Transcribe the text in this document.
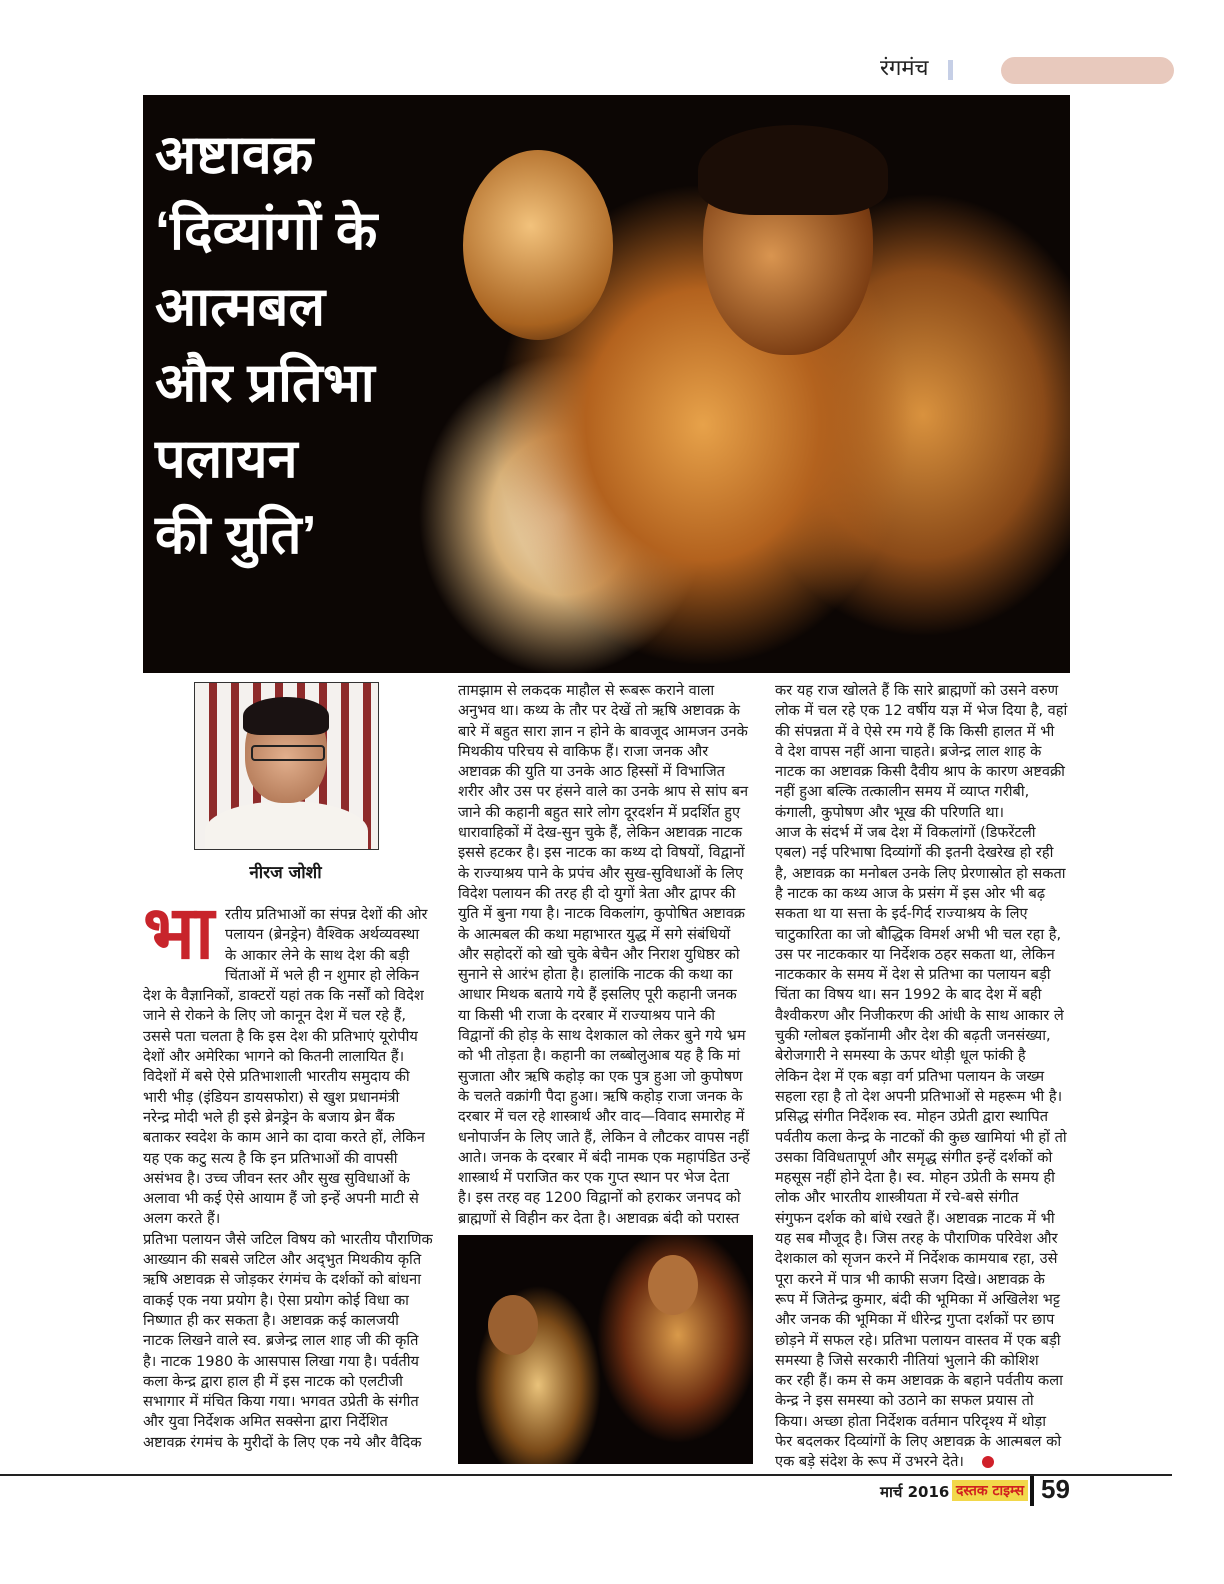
रंगमंच
अष्टावक्र
‘दिव्यांगों के
आत्मबल
और प्रतिभा
पलायन
की युति’
नीरज जोशी
भा रतीय प्रतिभाओं का संपन्न देशों की ओर
पलायन (ब्रेनड्रेन) वैश्विक अर्थव्यवस्था
के आकार लेने के साथ देश की बड़ी
चिंताओं में भले ही न शुमार हो लेकिन
देश के वैज्ञानिकों, डाक्टरों यहां तक कि नर्सों को विदेश
जाने से रोकने के लिए जो कानून देश में चल रहे हैं,
उससे पता चलता है कि इस देश की प्रतिभाएं यूरोपीय
देशों और अमेरिका भागने को कितनी लालायित हैं।
विदेशों में बसे ऐसे प्रतिभाशाली भारतीय समुदाय की
भारी भीड़ (इंडियन डायसफोरा) से खुश प्रधानमंत्री
नरेन्द्र मोदी भले ही इसे ब्रेनड्रेन के बजाय ब्रेन बैंक
बताकर स्वदेश के काम आने का दावा करते हों, लेकिन
यह एक कटु सत्य है कि इन प्रतिभाओं की वापसी
असंभव है। उच्च जीवन स्तर और सुख सुविधाओं के
अलावा भी कई ऐसे आयाम हैं जो इन्हें अपनी माटी से
अलग करते हैं।
प्रतिभा पलायन जैसे जटिल विषय को भारतीय पौराणिक
आख्यान की सबसे जटिल और अद्‌भुत मिथकीय कृति
ऋषि अष्टावक्र से जोड़कर रंगमंच के दर्शकों को बांधना
वाकई एक नया प्रयोग है। ऐसा प्रयोग कोई विधा का
निष्णात ही कर सकता है। अष्टावक्र कई कालजयी
नाटक लिखने वाले स्व. ब्रजेन्द्र लाल शाह जी की कृति
है। नाटक 1980 के आसपास लिखा गया है। पर्वतीय
कला केन्द्र द्वारा हाल ही में इस नाटक को एलटीजी
सभागार में मंचित किया गया। भगवत उप्रेती के संगीत
और युवा निर्देशक अमित सक्सेना द्वारा निर्देशित
अष्टावक्र रंगमंच के मुरीदों के लिए एक नये और वैदिक
तामझाम से लकदक माहौल से रूबरू कराने वाला
अनुभव था। कथ्य के तौर पर देखें तो ऋषि अष्टावक्र के
बारे में बहुत सारा ज्ञान न होने के बावजूद आमजन उनके
मिथकीय परिचय से वाकिफ हैं। राजा जनक और
अष्टावक्र की युति या उनके आठ हिस्सों में विभाजित
शरीर और उस पर हंसने वाले का उनके श्राप से सांप बन
जाने की कहानी बहुत सारे लोग दूरदर्शन में प्रदर्शित हुए
धारावाहिकों में देख-सुन चुके हैं, लेकिन अष्टावक्र नाटक
इससे हटकर है। इस नाटक का कथ्य दो विषयों, विद्वानों
के राज्याश्रय पाने के प्रपंच और सुख-सुविधाओं के लिए
विदेश पलायन की तरह ही दो युगों त्रेता और द्वापर की
युति में बुना गया है। नाटक विकलांग, कुपोषित अष्टावक्र
के आत्मबल की कथा महाभारत युद्ध में सगे संबंधियों
और सहोदरों को खो चुके बेचैन और निराश युधिष्ठर को
सुनाने से आरंभ होता है। हालांकि नाटक की कथा का
आधार मिथक बताये गये हैं इसलिए पूरी कहानी जनक
या किसी भी राजा के दरबार में राज्याश्रय पाने की
विद्वानों की होड़ के साथ देशकाल को लेकर बुने गये भ्रम
को भी तोड़ता है। कहानी का लब्बोलुआब यह है कि मां
सुजाता और ऋषि कहोड़ का एक पुत्र हुआ जो कुपोषण
के चलते वक्रांगी पैदा हुआ। ऋषि कहोड़ राजा जनक के
दरबार में चल रहे शास्त्रार्थ और वाद—विवाद समारोह में
धनोपार्जन के लिए जाते हैं, लेकिन वे लौटकर वापस नहीं
आते। जनक के दरबार में बंदी नामक एक महापंडित उन्हें
शास्त्रार्थ में पराजित कर एक गुप्त स्थान पर भेज देता
है। इस तरह वह 1200 विद्वानों को हराकर जनपद को
ब्राह्मणों से विहीन कर देता है। अष्टावक्र बंदी को परास्त
कर यह राज खोलते हैं कि सारे ब्राह्मणों को उसने वरुण
लोक में चल रहे एक 12 वर्षीय यज्ञ में भेज दिया है, वहां
की संपन्नता में वे ऐसे रम गये हैं कि किसी हालत में भी
वे देश वापस नहीं आना चाहते। ब्रजेन्द्र लाल शाह के
नाटक का अष्टावक्र किसी दैवीय श्राप के कारण अष्टवक्री
नहीं हुआ बल्कि तत्कालीन समय में व्याप्त गरीबी,
कंगाली, कुपोषण और भूख की परिणति था।
आज के संदर्भ में जब देश में विकलांगों (डिफरेंटली
एबल) नई परिभाषा दिव्यांगों की इतनी देखरेख हो रही
है, अष्टावक्र का मनोबल उनके लिए प्रेरणास्रोत हो सकता
है नाटक का कथ्य आज के प्रसंग में इस ओर भी बढ़
सकता था या सत्ता के इर्द-गिर्द राज्याश्रय के लिए
चाटुकारिता का जो बौद्धिक विमर्श अभी भी चल रहा है,
उस पर नाटककार या निर्देशक ठहर सकता था, लेकिन
नाटककार के समय में देश से प्रतिभा का पलायन बड़ी
चिंता का विषय था। सन 1992 के बाद देश में बही
वैश्वीकरण और निजीकरण की आंधी के साथ आकार ले
चुकी ग्लोबल इकॉनामी और देश की बढ़ती जनसंख्या,
बेरोजगारी ने समस्या के ऊपर थोड़ी धूल फांकी है
लेकिन देश में एक बड़ा वर्ग प्रतिभा पलायन के जख्म
सहला रहा है तो देश अपनी प्रतिभाओं से महरूम भी है।
प्रसिद्ध संगीत निर्देशक स्व. मोहन उप्रेती द्वारा स्थापित
पर्वतीय कला केन्द्र के नाटकों की कुछ खामियां भी हों तो
उसका विविधतापूर्ण और समृद्ध संगीत इन्हें दर्शकों को
महसूस नहीं होने देता है। स्व. मोहन उप्रेती के समय ही
लोक और भारतीय शास्त्रीयता में रचे-बसे संगीत
संगुफन दर्शक को बांधे रखते हैं। अष्टावक्र नाटक में भी
यह सब मौजूद है। जिस तरह के पौराणिक परिवेश और
देशकाल को सृजन करने में निर्देशक कामयाब रहा, उसे
पूरा करने में पात्र भी काफी सजग दिखे। अष्टावक्र के
रूप में जितेन्द्र कुमार, बंदी की भूमिका में अखिलेश भट्ट
और जनक की भूमिका में धीरेन्द्र गुप्ता दर्शकों पर छाप
छोड़ने में सफल रहे। प्रतिभा पलायन वास्तव में एक बड़ी
समस्या है जिसे सरकारी नीतियां भुलाने की कोशिश
कर रही हैं। कम से कम अष्टावक्र के बहाने पर्वतीय कला
केन्द्र ने इस समस्या को उठाने का सफल प्रयास तो
किया। अच्छा होता निर्देशक वर्तमान परिदृश्य में थोड़ा
फेर बदलकर दिव्यांगों के लिए अष्टावक्र के आत्मबल को
एक बड़े संदेश के रूप में उभरने देते।
मार्च 2016 दस्तक टाइम्स 59
